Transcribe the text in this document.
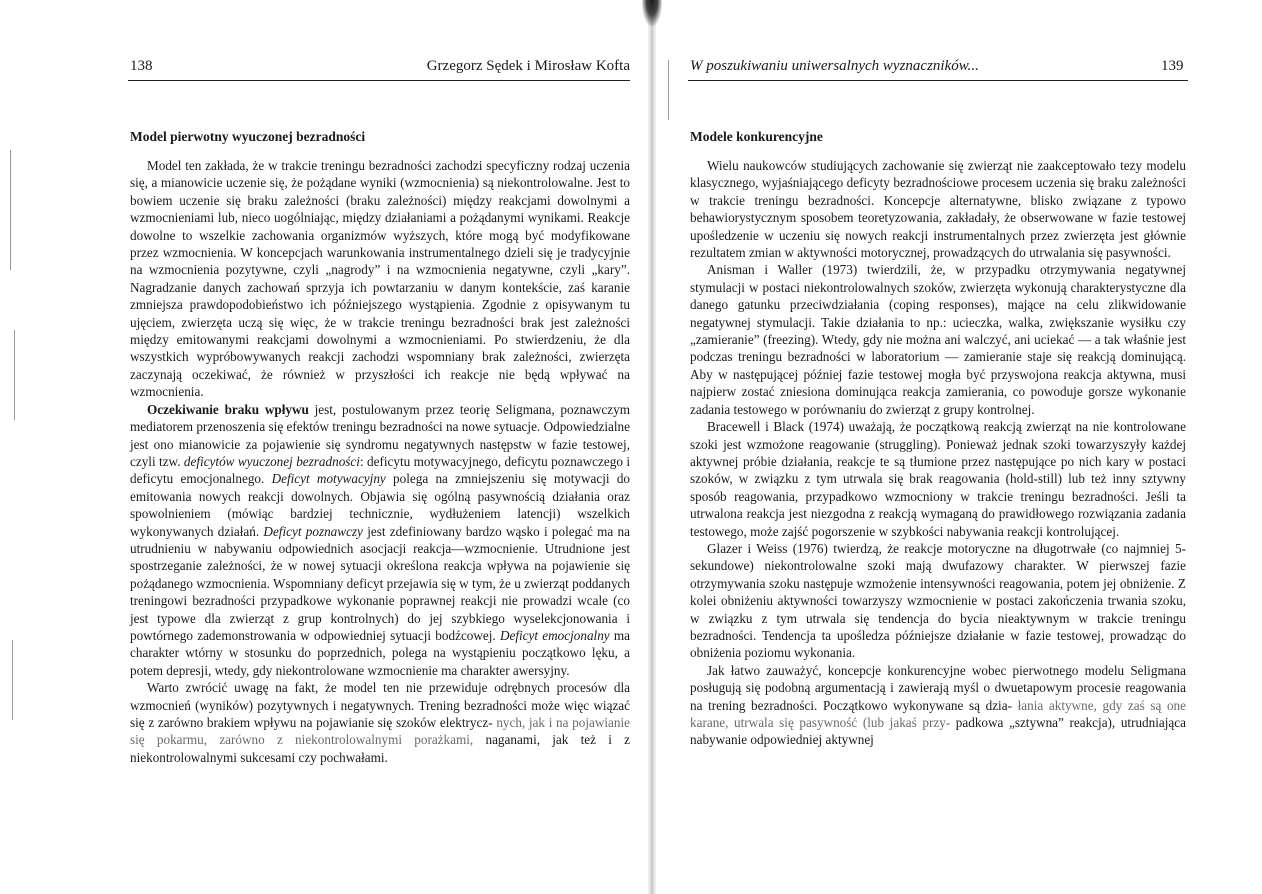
138	Grzegorz Sędek i Mirosław Kofta
Model pierwotny wyuczonej bezradności

Model ten zakłada, że w trakcie treningu bezradności zachodzi specyficzny rodzaj uczenia się, a mianowicie uczenie się, że pożądane wyniki (wzmocnienia) są niekontrolowalne. Jest to bowiem uczenie się braku zależności (braku zależności) między reakcjami dowolnymi a wzmocnieniami lub, nieco uogólniając, między działaniami a pożądanymi wynikami. Reakcje dowolne to wszelkie zachowania organizmów wyższych, które mogą być modyfikowane przez wzmocnienia. W koncepcjach warunkowania instrumentalnego dzieli się je tradycyjnie na wzmocnienia pozytywne, czyli „nagrody” i na wzmocnienia negatywne, czyli „kary”. Nagradzanie danych zachowań sprzyja ich powtarzaniu w danym kontekście, zaś karanie zmniejsza prawdopodobieństwo ich późniejszego wystąpienia. Zgodnie z opisywanym tu ujęciem, zwierzęta uczą się więc, że w trakcie treningu bezradności brak jest zależności między emitowanymi reakcjami dowolnymi a wzmocnieniami. Po stwierdzeniu, że dla wszystkich wypróbowywanych reakcji zachodzi wspomniany brak zależności, zwierzęta zaczynają oczekiwać, że również w przyszłości ich reakcje nie będą wpływać na wzmocnienia.

Oczekiwanie braku wpływu jest, postulowanym przez teorię Seligmana, poznawczym mediatorem przenoszenia się efektów treningu bezradności na nowe sytuacje. Odpowiedzialne jest ono mianowicie za pojawienie się syndromu negatywnych następstw w fazie testowej, czyli tzw. deficytów wyuczonej bezradności: deficytu motywacyjnego, deficytu poznawczego i deficytu emocjonalnego. Deficyt motywacyjny polega na zmniejszeniu się motywacji do emitowania nowych reakcji dowolnych. Objawia się ogólną pasywnością działania oraz spowolnieniem (mówiąc bardziej technicznie, wydłużeniem latencji) wszelkich wykonywanych działań. Deficyt poznawczy jest zdefiniowany bardzo wąsko i polegać ma na utrudnieniu w nabywaniu odpowiednich asocjacji reakcja—wzmocnienie. Utrudnione jest spostrzeganie zależności, że w nowej sytuacji określona reakcja wpływa na pojawienie się pożądanego wzmocnienia. Wspomniany deficyt przejawia się w tym, że u zwierząt poddanych treningowi bezradności przypadkowe wykonanie poprawnej reakcji nie prowadzi wcale (co jest typowe dla zwierząt z grup kontrolnych) do jej szybkiego wyselekcjonowania i powtórnego zademonstrowania w odpowiedniej sytuacji bodźcowej. Deficyt emocjonalny ma charakter wtórny w stosunku do poprzednich, polega na wystąpieniu początkowo lęku, a potem depresji, wtedy, gdy niekontrolowane wzmocnienie ma charakter awersyjny.

Warto zwrócić uwagę na fakt, że model ten nie przewiduje odrębnych procesów dla wzmocnień (wyników) pozytywnych i negatywnych. Trening bezradności może więc wiązać się z zarówno brakiem wpływu na pojawianie się szoków elektrycz- nych, jak i na pojawianie się pokarmu, zarówno z niekontrolowalnymi porażkami, naganami, jak też i z niekontrolowalnymi sukcesami czy pochwałami.

W poszukiwaniu uniwersalnych wyznaczników...	139
Modele konkurencyjne

Wielu naukowców studiujących zachowanie się zwierząt nie zaakceptowało tezy modelu klasycznego, wyjaśniającego deficyty bezradnościowe procesem uczenia się braku zależności w trakcie treningu bezradności. Koncepcje alternatywne, blisko związane z typowo behawiorystycznym sposobem teoretyzowania, zakładały, że obserwowane w fazie testowej upośledzenie w uczeniu się nowych reakcji instrumentalnych przez zwierzęta jest głównie rezultatem zmian w aktywności motorycznej, prowadzących do utrwalania się pasywności.

Anisman i Waller (1973) twierdzili, że, w przypadku otrzymywania negatywnej stymulacji w postaci niekontrolowalnych szoków, zwierzęta wykonują charakterystyczne dla danego gatunku przeciwdziałania (coping responses), mające na celu zlikwidowanie negatywnej stymulacji. Takie działania to np.: ucieczka, walka, zwiększanie wysiłku czy „zamieranie” (freezing). Wtedy, gdy nie można ani walczyć, ani uciekać — a tak właśnie jest podczas treningu bezradności w laboratorium — zamieranie staje się reakcją dominującą. Aby w następującej później fazie testowej mogła być przyswojona reakcja aktywna, musi najpierw zostać zniesiona dominująca reakcja zamierania, co powoduje gorsze wykonanie zadania testowego w porównaniu do zwierząt z grupy kontrolnej.

Bracewell i Black (1974) uważają, że początkową reakcją zwierząt na nie kontrolowane szoki jest wzmożone reagowanie (struggling). Ponieważ jednak szoki towarzyszyły każdej aktywnej próbie działania, reakcje te są tłumione przez następujące po nich kary w postaci szoków, w związku z tym utrwala się brak reagowania (hold-still) lub też inny sztywny sposób reagowania, przypadkowo wzmocniony w trakcie treningu bezradności. Jeśli ta utrwalona reakcja jest niezgodna z reakcją wymaganą do prawidłowego rozwiązania zadania testowego, może zajść pogorszenie w szybkości nabywania reakcji kontrolującej.

Glazer i Weiss (1976) twierdzą, że reakcje motoryczne na długotrwałe (co najmniej 5-sekundowe) niekontrolowalne szoki mają dwufazowy charakter. W pierwszej fazie otrzymywania szoku następuje wzmożenie intensywności reagowania, potem jej obniżenie. Z kolei obniżeniu aktywności towarzyszy wzmocnienie w postaci zakończenia trwania szoku, w związku z tym utrwala się tendencja do bycia nieaktywnym w trakcie treningu bezradności. Tendencja ta upośledza późniejsze działanie w fazie testowej, prowadząc do obniżenia poziomu wykonania.

Jak łatwo zauważyć, koncepcje konkurencyjne wobec pierwotnego modelu Seligmana posługują się podobną argumentacją i zawierają myśl o dwuetapowym procesie reagowania na trening bezradności. Początkowo wykonywane są dzia- łania aktywne, gdy zaś są one karane, utrwala się pasywność (lub jakaś przy- padkowa „sztywna” reakcja), utrudniająca nabywanie odpowiedniej aktywnej
